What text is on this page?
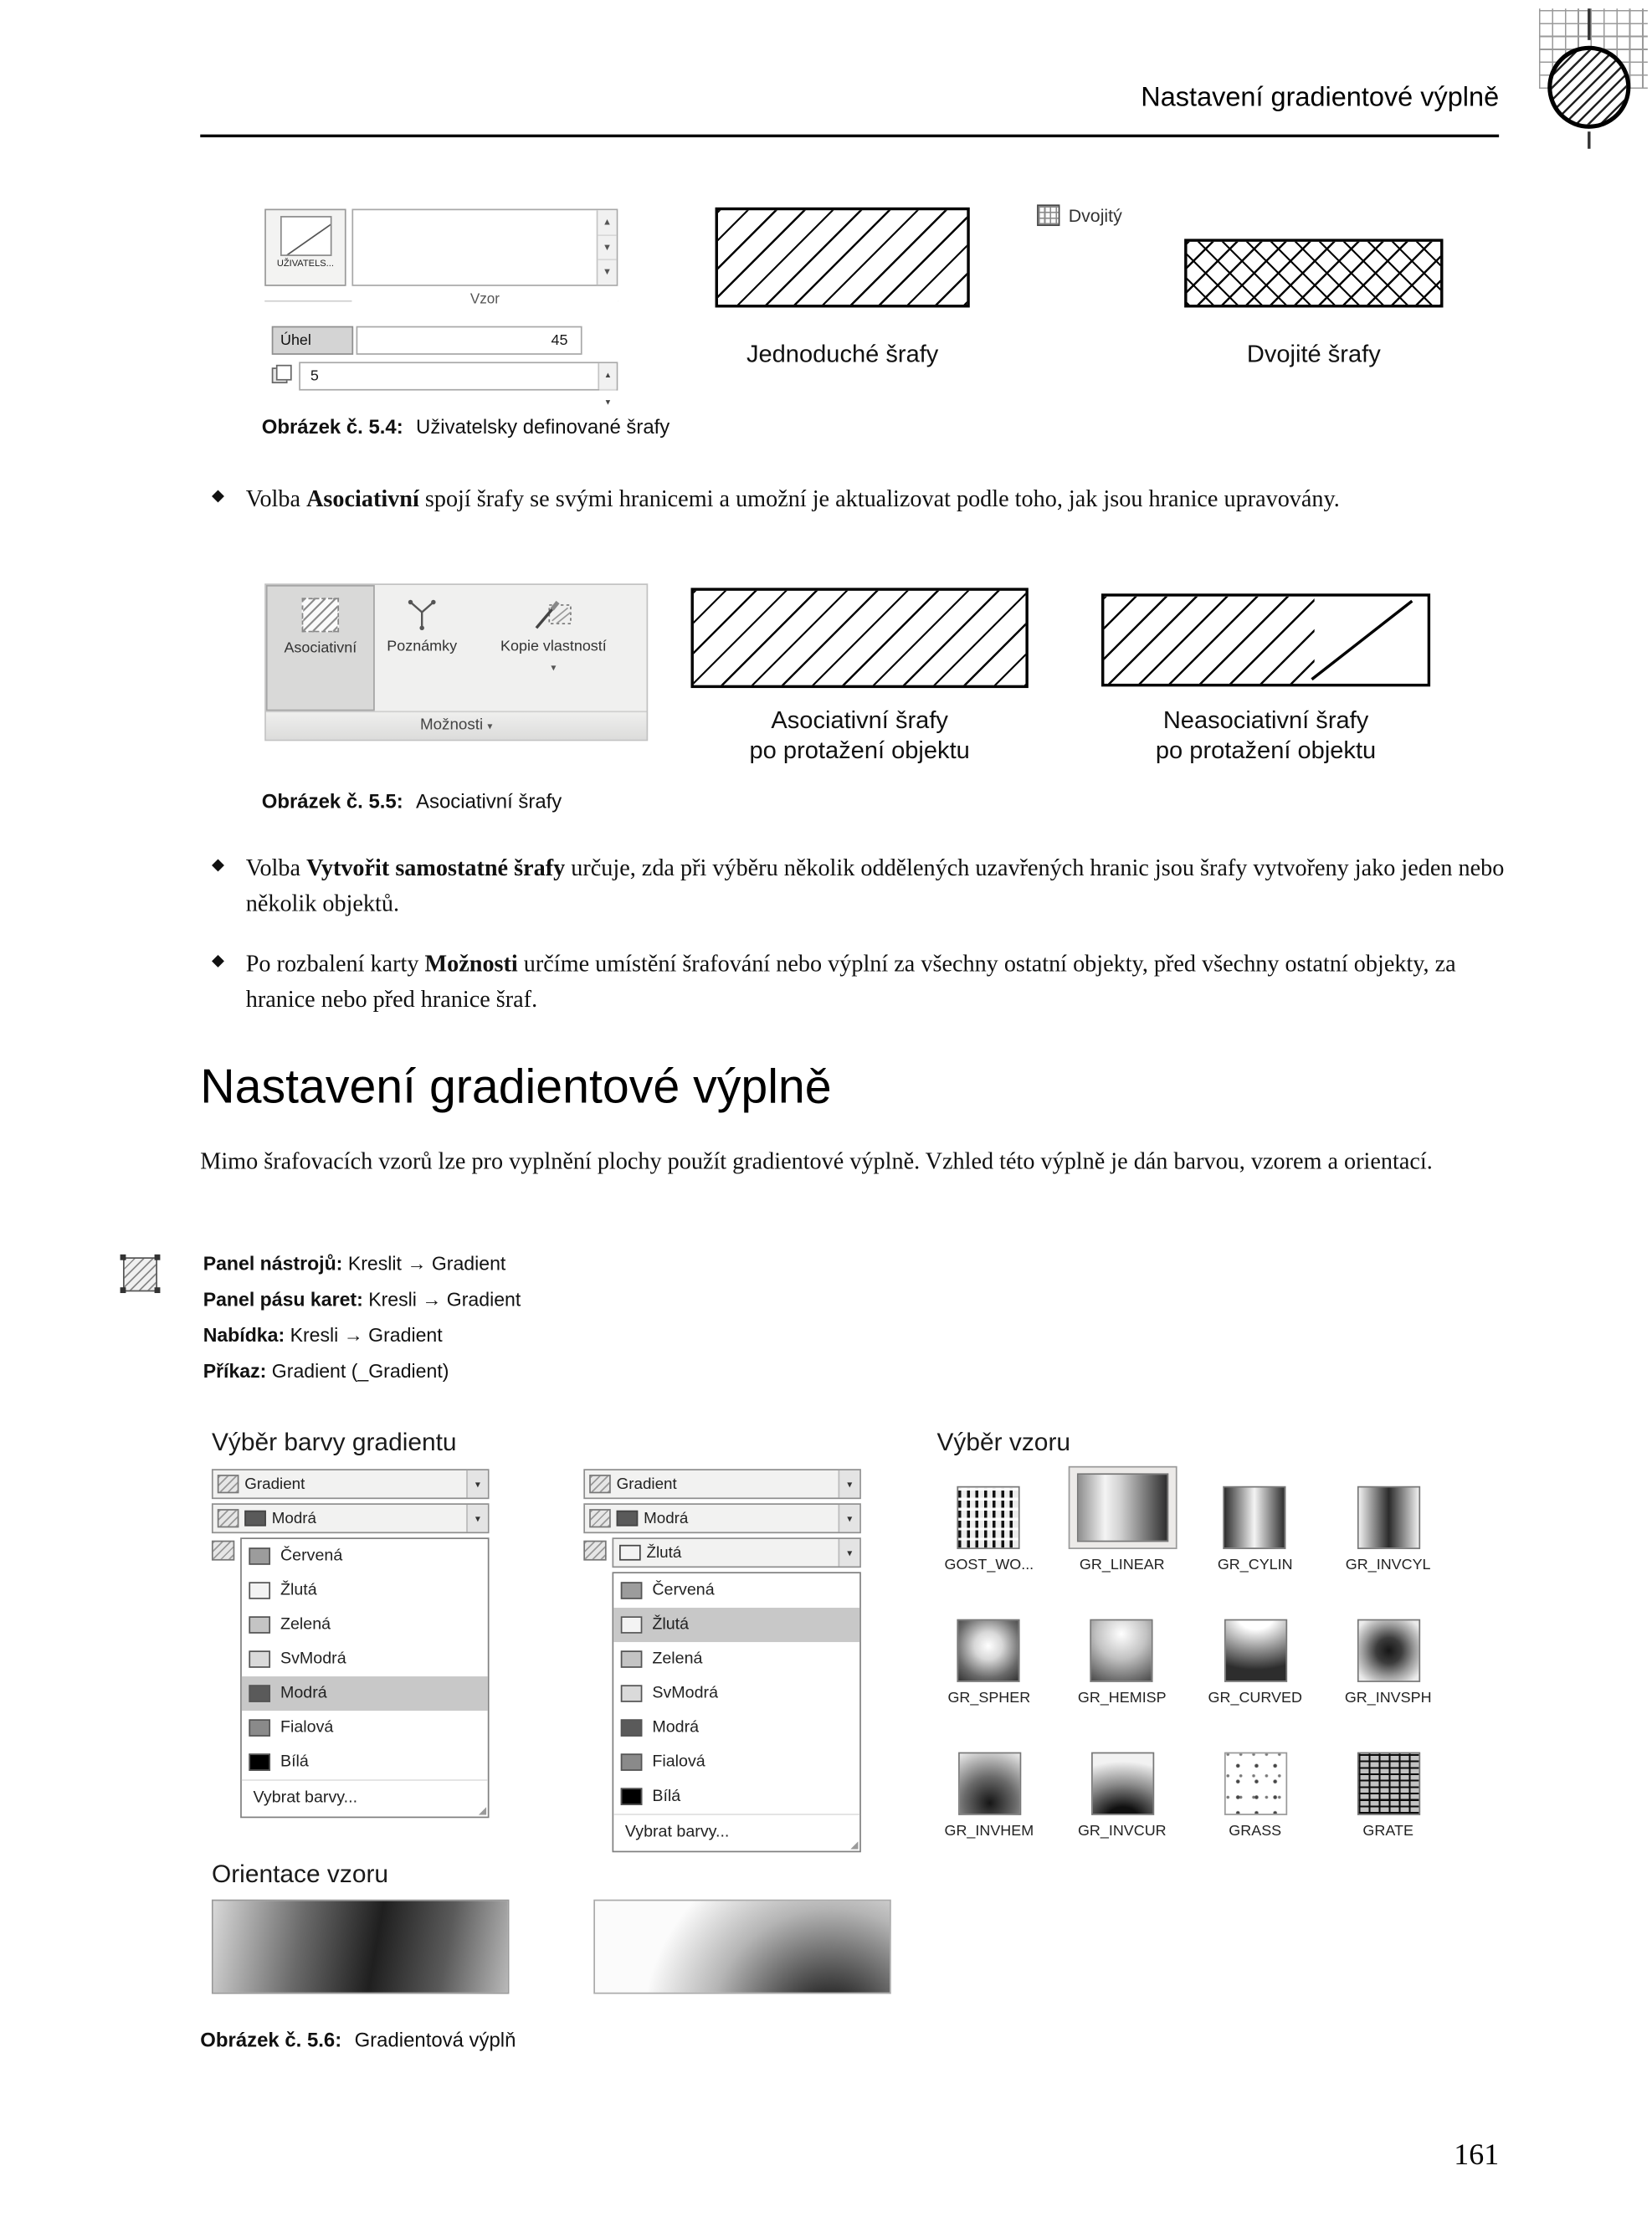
Nastavení gradientové výplně
UŽIVATELS...
▲
▼
▼
Vzor
Úhel	45
5	▲
▼
Jednoduché šrafy
Dvojitý
Dvojité šrafy
Obrázek č. 5.4: Uživatelsky definované šrafy
◆ Volba Asociativní spojí šrafy se svými hranicemi a umožní je aktualizovat podle toho, jak jsou hranice upravovány.

Asociativní	Poznámky	Kopie vlastností
▾
Možnosti ▾	Asociativní šrafy
po protažení objektu
Neasociativní šrafy
po protažení objektu
Obrázek č. 5.5: Asociativní šrafy
◆ Volba Vytvořit samostatné šrafy určuje, zda při výběru několik oddělených uzavřených hranic jsou šrafy vytvořeny jako jeden nebo několik objektů.

◆ Po rozbalení karty Možnosti určíme umístění šrafování nebo výplní za všechny ostatní objekty, před všechny ostatní objekty, za hranice nebo před hranice šraf.

Nastavení gradientové výplně

Mimo šrafovacích vzorů lze pro vyplnění plochy použít gradientové výplně. Vzhled této výplně je dán barvou, vzorem a orientací.

Panel nástrojů: Kreslit → Gradient
Panel pásu karet: Kresli → Gradient
Nabídka: Kresli → Gradient
Příkaz: Gradient (_Gradient)
Výběr barvy gradientu	Výběr vzoru
Gradient	▾
Modrá	▾
Červená
Žlutá
Zelená
SvModrá
Modrá
Fialová
Bílá
Vybrat barvy...
◢
Gradient	▾
Modrá	▾
Žlutá	▾
Červená
Žlutá
Zelená
SvModrá
Modrá
Fialová
Bílá
Vybrat barvy...
◢
GOST_WO...	GR_LINEAR	GR_CYLIN	GR_INVCYL
GR_SPHER	GR_HEMISP	GR_CURVED	GR_INVSPH
GR_INVHEM	GR_INVCUR	GRASS	GRATE
Orientace vzoru
Obrázek č. 5.6: Gradientová výplň
161
